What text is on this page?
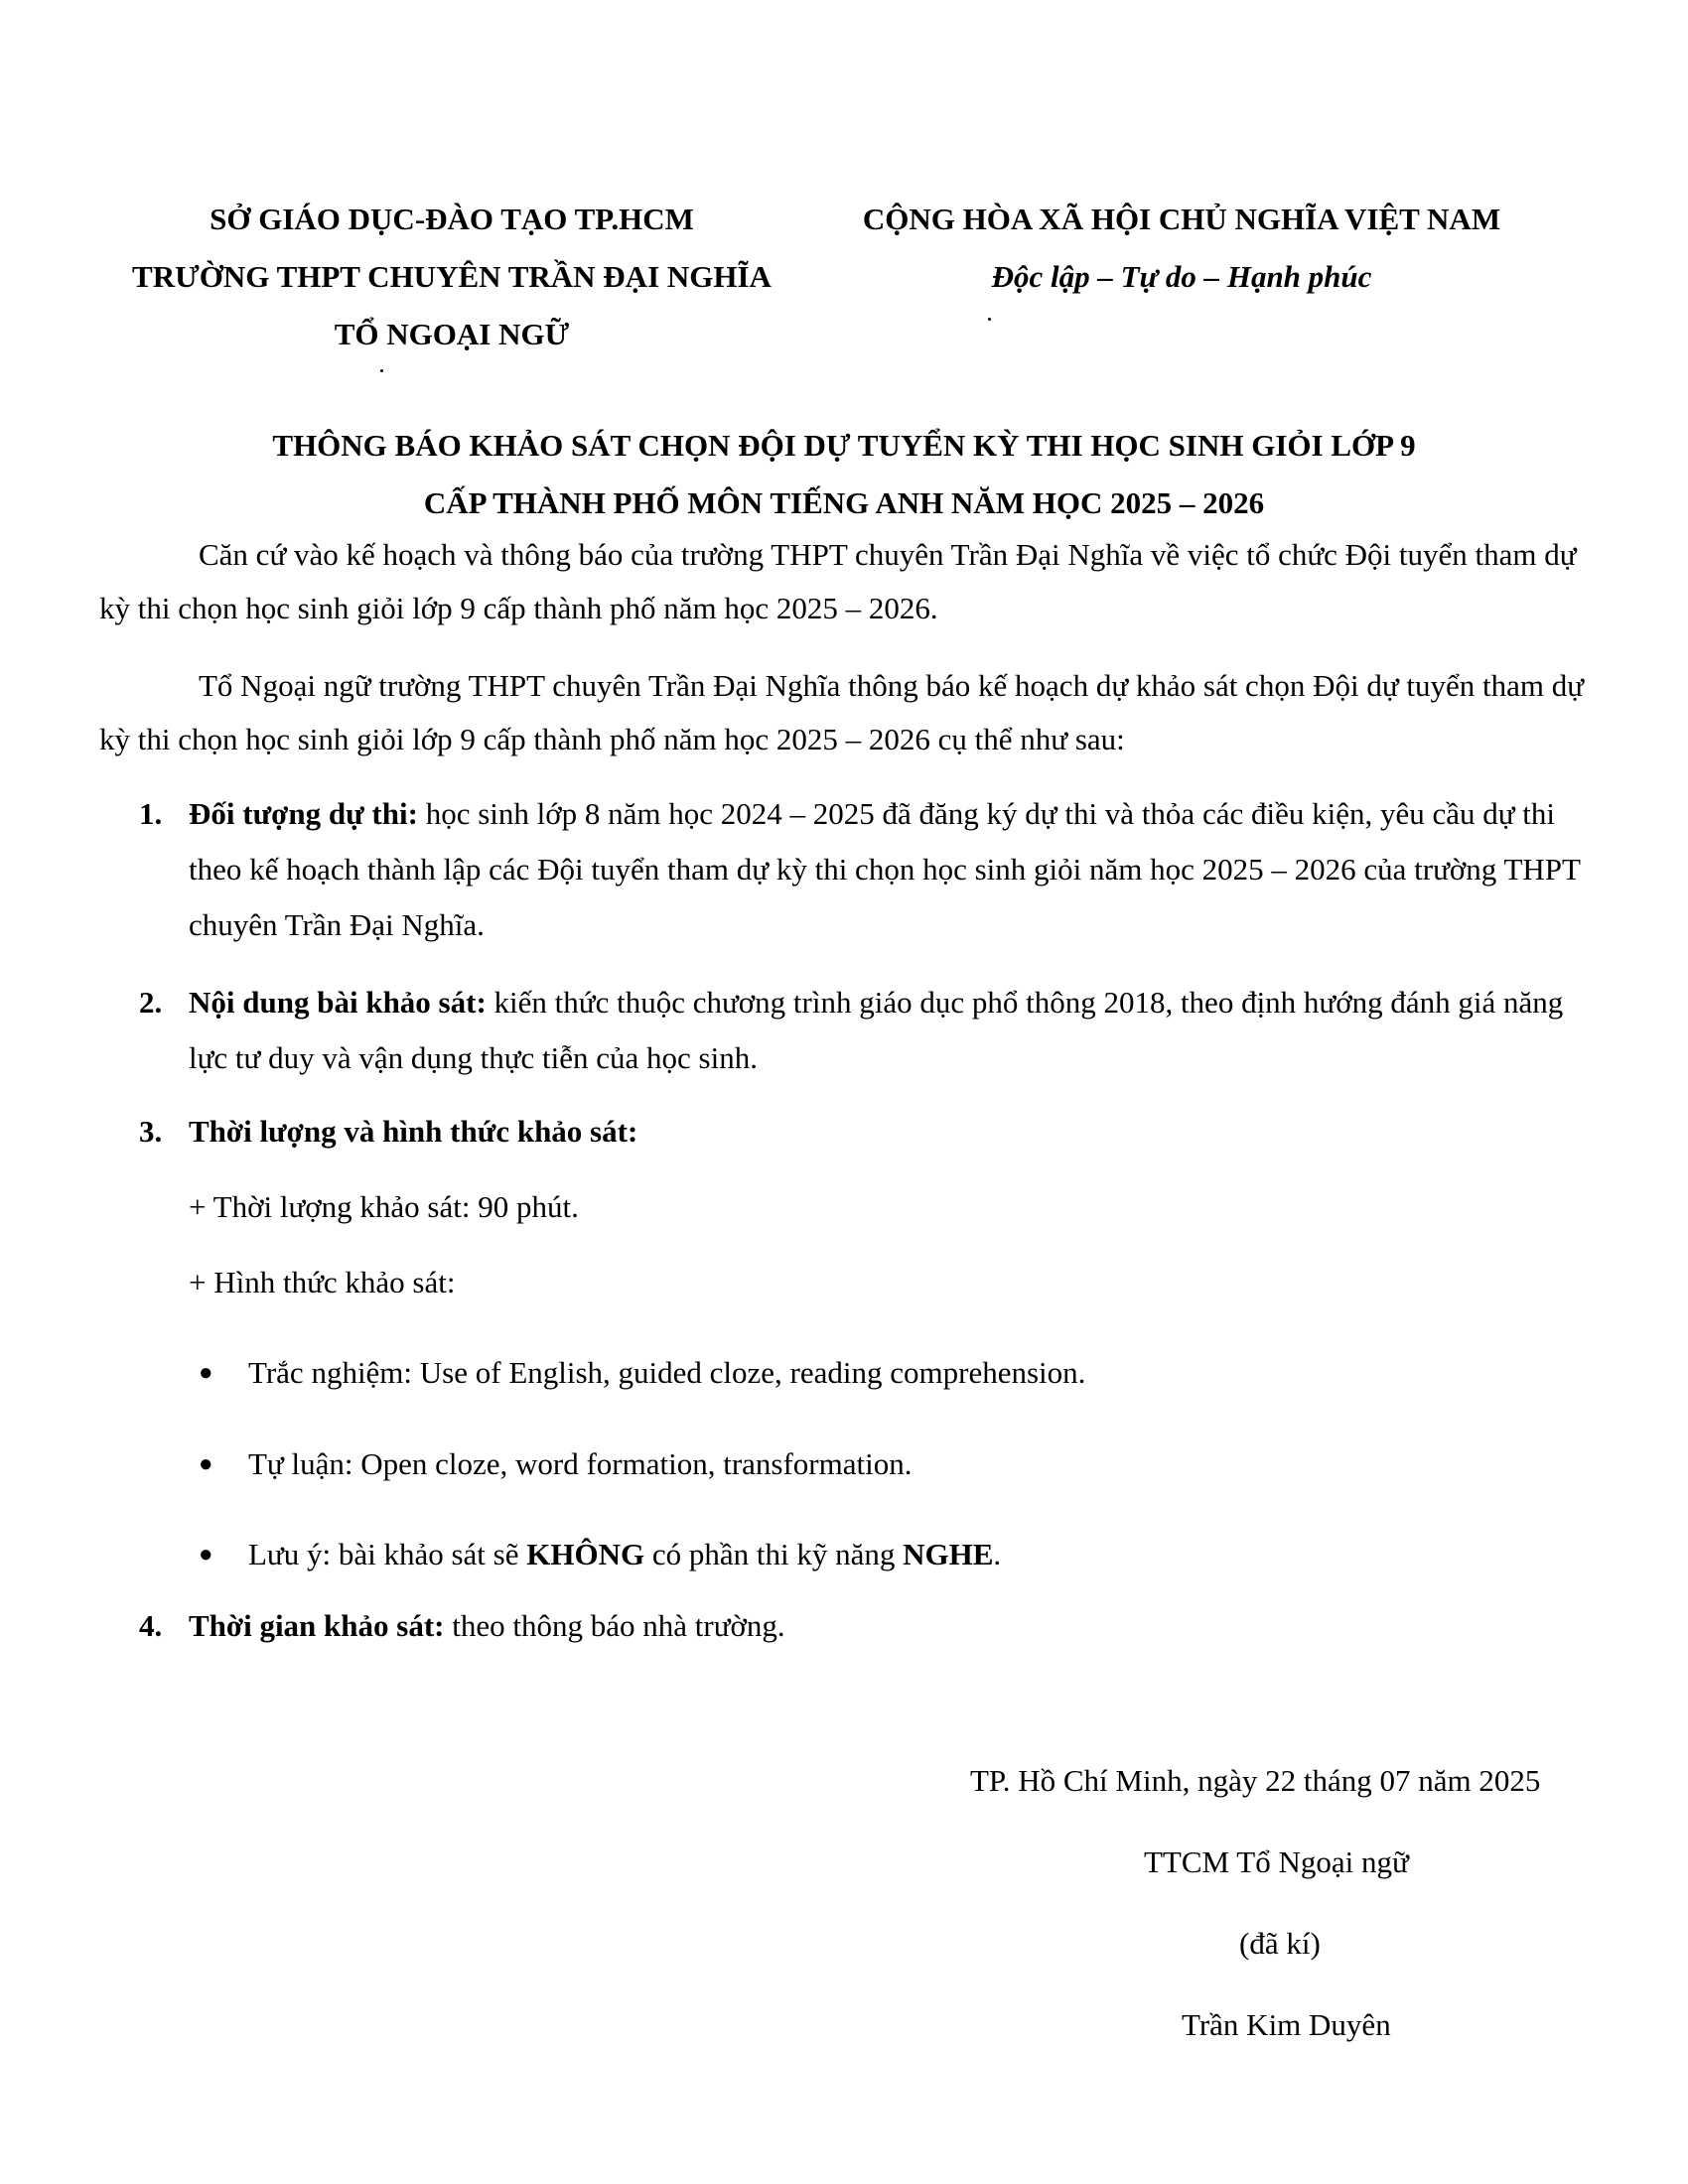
SỞ GIÁO DỤC-ĐÀO TẠO TP.HCM
TRƯỜNG THPT CHUYÊN TRẦN ĐẠI NGHĨA
TỔ NGOẠI NGỮ
CỘNG HÒA XÃ HỘI CHỦ NGHĨA VIỆT NAM
Độc lập – Tự do – Hạnh phúc
THÔNG BÁO KHẢO SÁT CHỌN ĐỘI DỰ TUYỂN KỲ THI HỌC SINH GIỎI LỚP 9
CẤP THÀNH PHỐ MÔN TIẾNG ANH NĂM HỌC 2025 – 2026

Căn cứ vào kế hoạch và thông báo của trường THPT chuyên Trần Đại Nghĩa về việc tổ chức Đội tuyển tham dự kỳ thi chọn học sinh giỏi lớp 9 cấp thành phố năm học 2025 – 2026.

Tổ Ngoại ngữ trường THPT chuyên Trần Đại Nghĩa thông báo kế hoạch dự khảo sát chọn Đội dự tuyển tham dự kỳ thi chọn học sinh giỏi lớp 9 cấp thành phố năm học 2025 – 2026 cụ thể như sau:

1. Đối tượng dự thi: học sinh lớp 8 năm học 2024 – 2025 đã đăng ký dự thi và thỏa các điều kiện, yêu cầu dự thi theo kế hoạch thành lập các Đội tuyển tham dự kỳ thi chọn học sinh giỏi năm học 2025 – 2026 của trường THPT chuyên Trần Đại Nghĩa.
2. Nội dung bài khảo sát: kiến thức thuộc chương trình giáo dục phổ thông 2018, theo định hướng đánh giá năng lực tư duy và vận dụng thực tiễn của học sinh.
3. Thời lượng và hình thức khảo sát:
+ Thời lượng khảo sát: 90 phút.
+ Hình thức khảo sát:
● Trắc nghiệm: Use of English, guided cloze, reading comprehension.
● Tự luận: Open cloze, word formation, transformation.
● Lưu ý: bài khảo sát sẽ KHÔNG có phần thi kỹ năng NGHE.
4. Thời gian khảo sát: theo thông báo nhà trường.
TP. Hồ Chí Minh, ngày 22 tháng 07 năm 2025
TTCM Tổ Ngoại ngữ
(đã kí)
Trần Kim Duyên
